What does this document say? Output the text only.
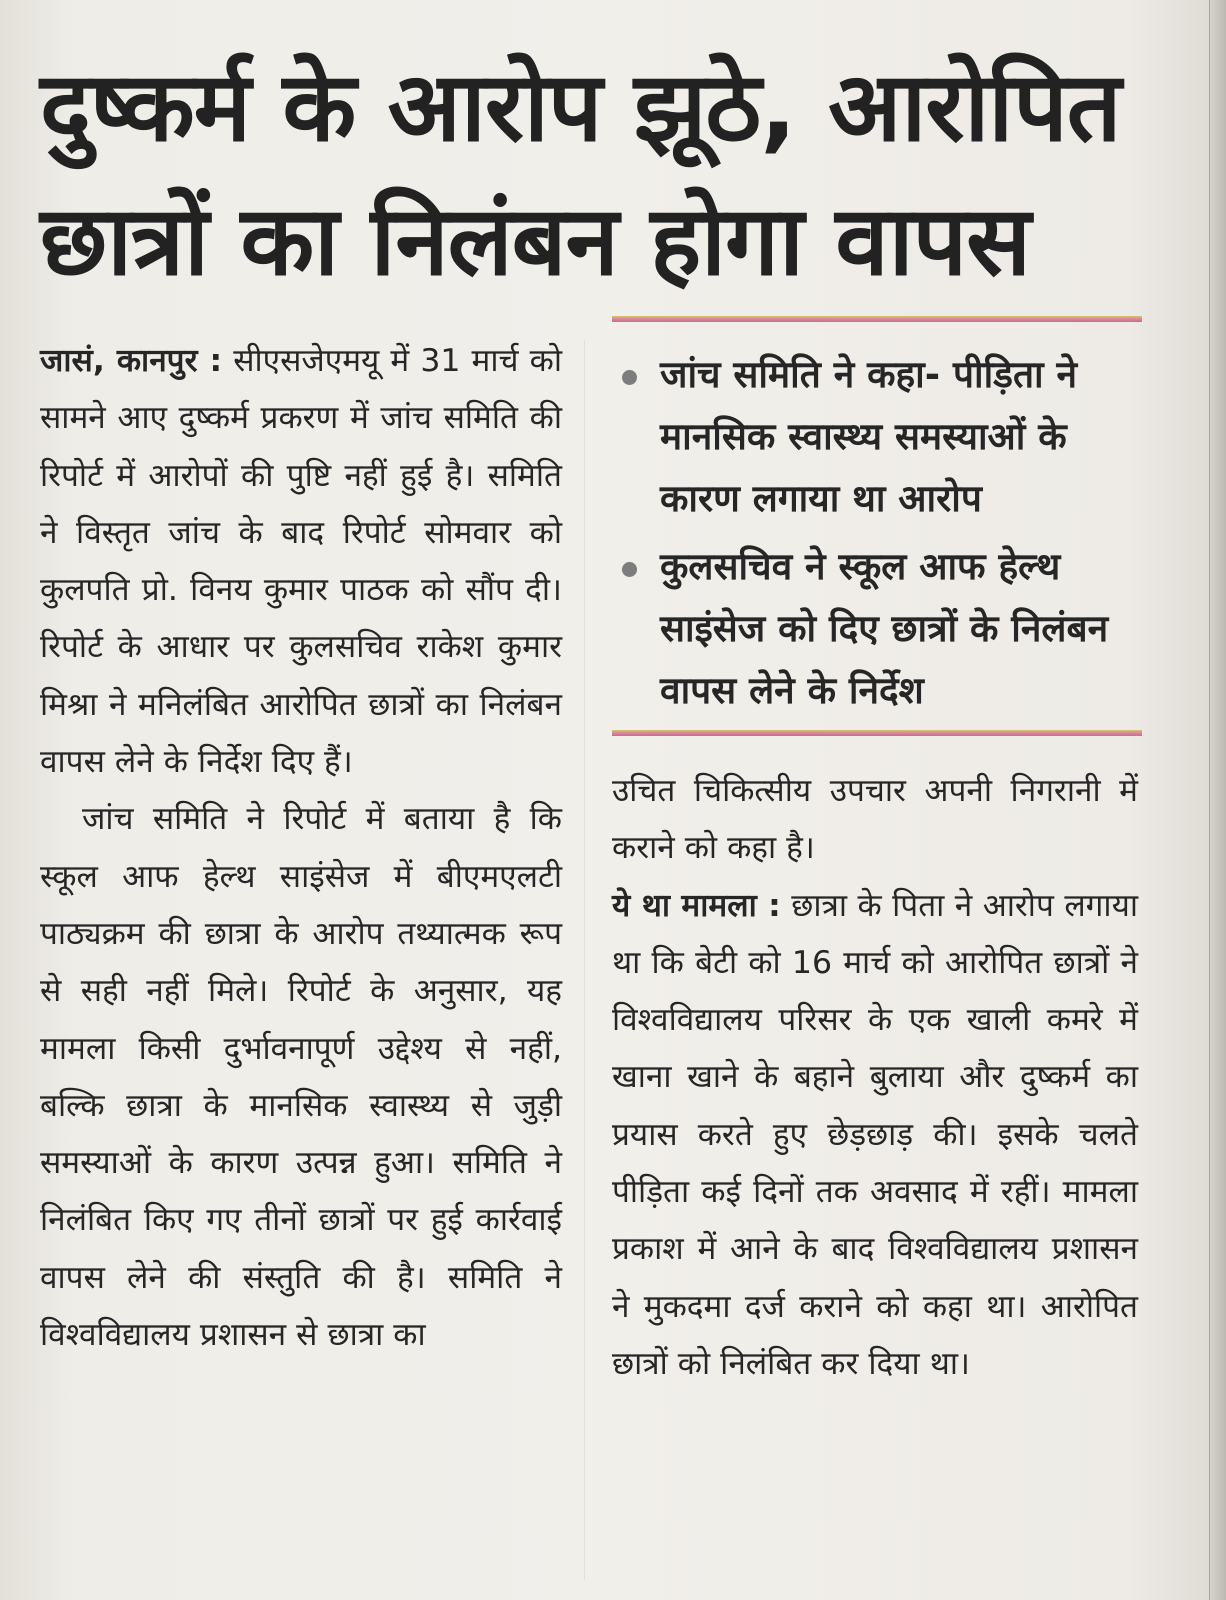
दुष्कर्म के आरोप झूठे, आरोपित
छात्रों का निलंबन होगा वापस

जासं, कानपुर : सीएसजेएमयू में 31 मार्च को सामने आए दुष्कर्म प्रकरण में जांच समिति की रिपोर्ट में आरोपों की पुष्टि नहीं हुई है। समिति ने विस्तृत जांच के बाद रिपोर्ट सोमवार को कुलपति प्रो. विनय कुमार पाठक को सौंप दी। रिपोर्ट के आधार पर कुलसचिव राकेश कुमार मिश्रा ने मनिलंबित आरोपित छात्रों का निलंबन वापस लेने के निर्देश दिए हैं।

जांच समिति ने रिपोर्ट में बताया है कि स्कूल आफ हेल्थ साइंसेज में बीएमएलटी पाठ्यक्रम की छात्रा के आरोप तथ्यात्मक रूप से सही नहीं मिले। रिपोर्ट के अनुसार, यह मामला किसी दुर्भावनापूर्ण उद्देश्य से नहीं, बल्कि छात्रा के मानसिक स्वास्थ्य से जुड़ी समस्याओं के कारण उत्पन्न हुआ। समिति ने निलंबित किए गए तीनों छात्रों पर हुई कार्रवाई वापस लेने की संस्तुति की है। समिति ने विश्वविद्यालय प्रशासन से छात्रा का

जांच समिति ने कहा- पीड़िता ने मानसिक स्वास्थ्य समस्याओं के कारण लगाया था आरोप
कुलसचिव ने स्कूल आफ हेल्थ साइंसेज को दिए छात्रों के निलंबन वापस लेने के निर्देश

उचित चिकित्सीय उपचार अपनी निगरानी में कराने को कहा है।

ये था मामला : छात्रा के पिता ने आरोप लगाया था कि बेटी को 16 मार्च को आरोपित छात्रों ने विश्वविद्यालय परिसर के एक खाली कमरे में खाना खाने के बहाने बुलाया और दुष्कर्म का प्रयास करते हुए छेड़छाड़ की। इसके चलते पीड़िता कई दिनों तक अवसाद में रहीं। मामला प्रकाश में आने के बाद विश्वविद्यालय प्रशासन ने मुकदमा दर्ज कराने को कहा था। आरोपित छात्रों को निलंबित कर दिया था।
